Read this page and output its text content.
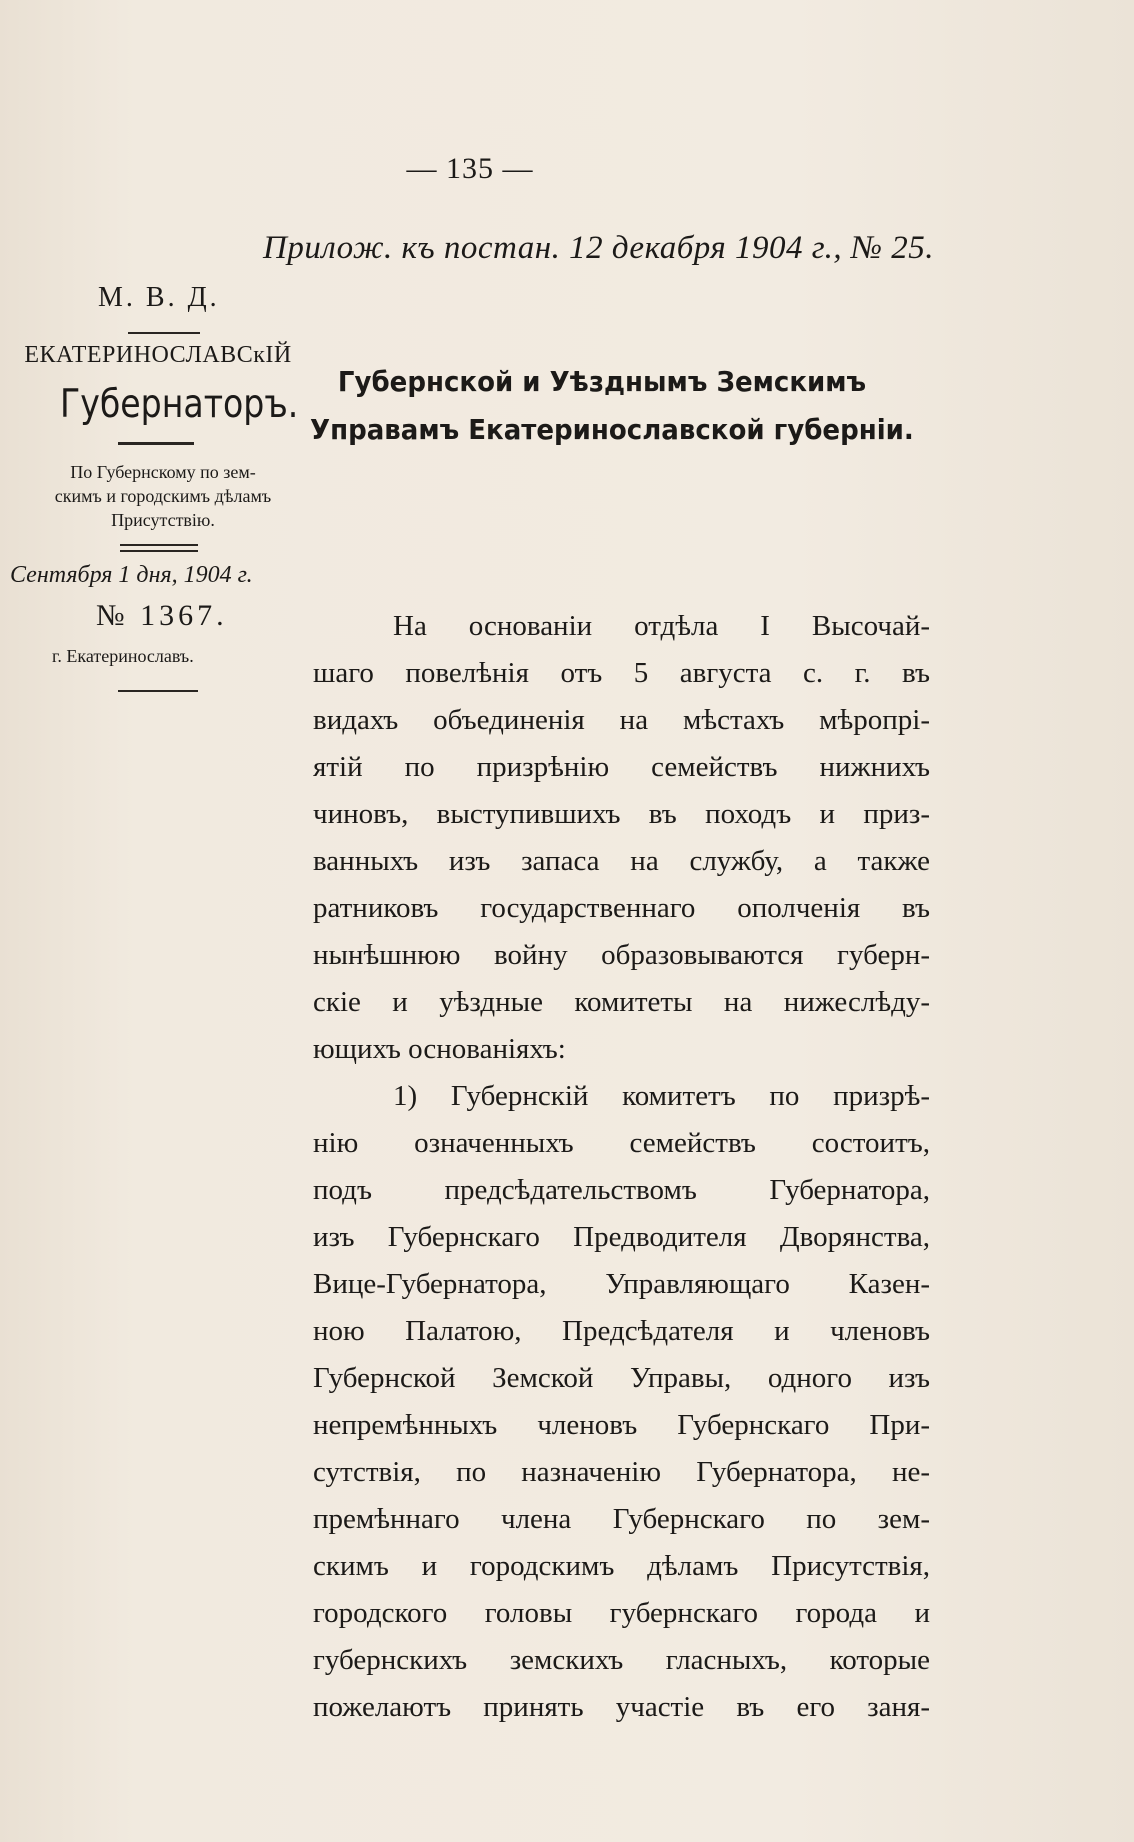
— 135 —
Прилож. къ постан. 12 декабря 1904 г., № 25.
М. В. Д.
ЕКАТЕРИНОСЛАВСкІЙ
Губернаторъ.
По Губернскому по зем-
скимъ и городскимъ дѣламъ
Присутствію.
Сентября 1 дня, 1904 г.
№ 1367.
г. Екатеринославъ.
Губернской и Уѣзднымъ Земскимъ
Управамъ Екатеринославской губерніи.
На основаніи отдѣла I Высочай-
шаго повелѣнія отъ 5 августа с. г. въ
видахъ объединенія на мѣстахъ мѣропрі-
ятій по призрѣнію семействъ нижнихъ
чиновъ, выступившихъ въ походъ и приз-
ванныхъ изъ запаса на службу, а также
ратниковъ государственнаго ополченія въ
нынѣшнюю войну образовываются губерн-
скіе и уѣздные комитеты на нижеслѣду-
ющихъ основаніяхъ:
1) Губернскій комитетъ по призрѣ-
нію означенныхъ семействъ состоитъ,
подъ предсѣдательствомъ Губернатора,
изъ Губернскаго Предводителя Дворянства,
Вице-Губернатора, Управляющаго Казен-
ною Палатою, Предсѣдателя и членовъ
Губернской Земской Управы, одного изъ
непремѣнныхъ членовъ Губернскаго При-
сутствія, по назначенію Губернатора, не-
премѣннаго члена Губернскаго по зем-
скимъ и городскимъ дѣламъ Присутствія,
городского головы губернскаго города и
губернскихъ земскихъ гласныхъ, которые
пожелаютъ принять участіе въ его заня-
